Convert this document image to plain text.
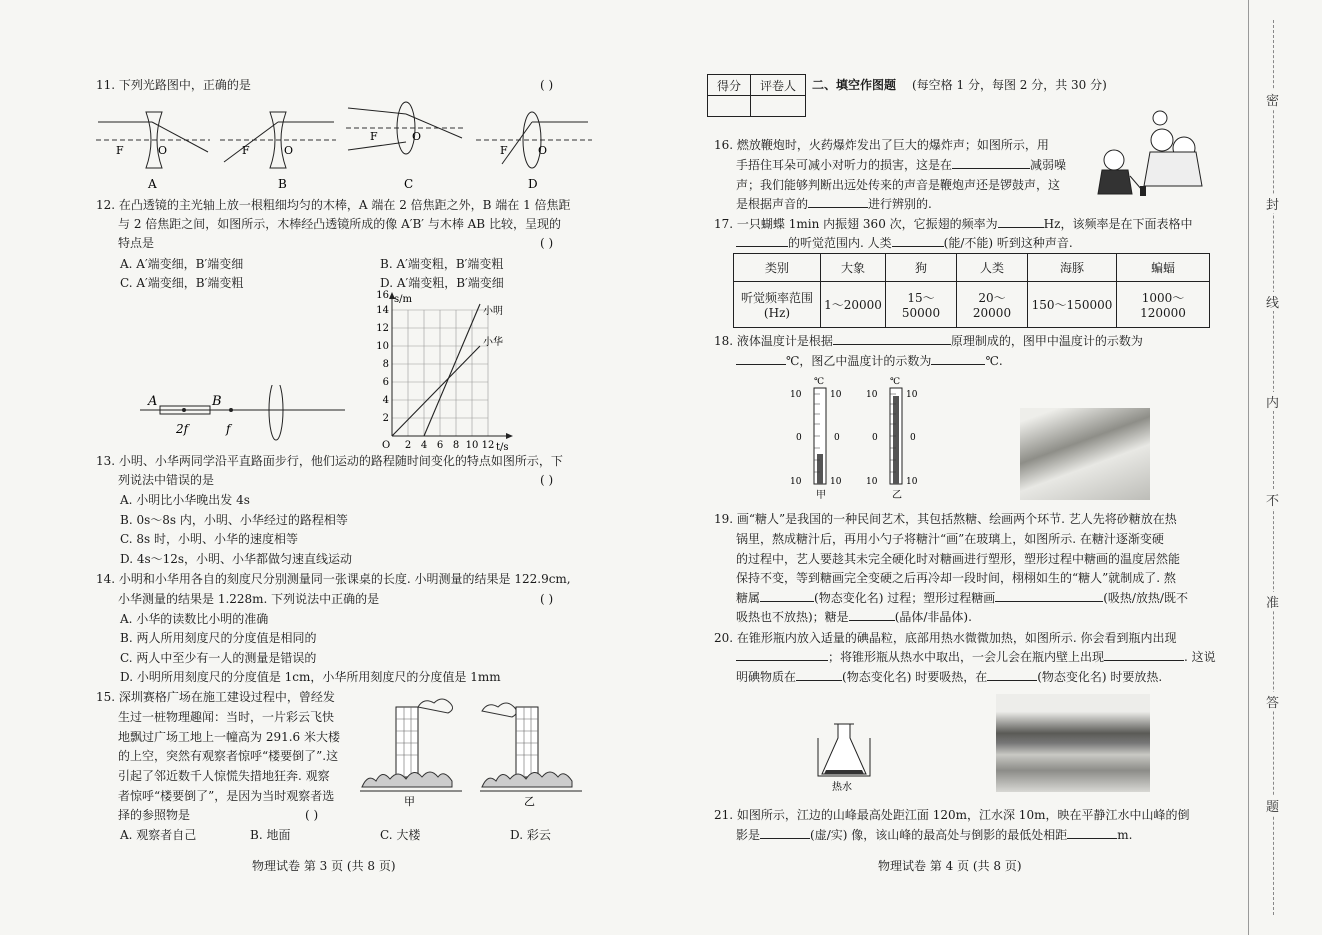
11. 下列光路图中，正确的是	( )
F	O
A
F	O
B
F	O
C
F	O
D
12. 在凸透镜的主光轴上放一根粗细均匀的木棒，A 端在 2 倍焦距之外，B 端在 1 倍焦距
与 2 倍焦距之间，如图所示，木棒经凸透镜所成的像 A′B′ 与木棒 AB 比较，呈现的
特点是	( )
A. A′端变细，B′端变细	B. A′端变粗，B′端变粗
C. A′端变细，B′端变粗	D. A′端变粗，B′端变细
A	B
2f	f
s/m
t/s
O
2
4
6
8
10
12
14
16
2 4 6 8 10 12
小明
小华
13. 小明、小华两同学沿平直路面步行，他们运动的路程随时间变化的特点如图所示，下
列说法中错误的是	( )
A. 小明比小华晚出发 4s
B. 0s～8s 内，小明、小华经过的路程相等
C. 8s 时，小明、小华的速度相等
D. 4s～12s，小明、小华都做匀速直线运动
14. 小明和小华用各自的刻度尺分别测量同一张课桌的长度. 小明测量的结果是 122.9cm,
小华测量的结果是 1.228m. 下列说法中正确的是	( )
A. 小华的读数比小明的准确
B. 两人所用刻度尺的分度值是相同的
C. 两人中至少有一人的测量是错误的
D. 小明所用刻度尺的分度值是 1cm，小华所用刻度尺的分度值是 1mm
15. 深圳赛格广场在施工建设过程中，曾经发
生过一桩物理趣闻：当时，一片彩云飞快
地飘过广场工地上一幢高为 291.6 米大楼
的上空，突然有观察者惊呼“楼要倒了”.这
引起了邻近数千人惊慌失措地狂奔. 观察
者惊呼“楼要倒了”，是因为当时观察者选
择的参照物是	( )
A. 观察者自己	B. 地面	C. 大楼	D. 彩云
甲	乙
物理试卷 第 3 页 (共 8 页)
得分	评卷人
	二、填空作图题 (每空格 1 分，每图 2 分，共 30 分)
16. 燃放鞭炮时，火药爆炸发出了巨大的爆炸声；如图所示，用
手捂住耳朵可减小对听力的损害，这是在	减弱噪
声；我们能够判断出远处传来的声音是鞭炮声还是锣鼓声，这
是根据声音的	进行辨别的.
17. 一只蝴蝶 1min 内振翅 360 次，它振翅的频率为	Hz，该频率是在下面表格中
的听觉范围内. 人类	(能/不能) 听到这种声音.
类别	大象	狗	人类	海豚	蝙蝠
听觉频率范围
(Hz)	1～20000	15～50000	20～20000	150～150000	1000～120000
18. 液体温度计是根据	原理制成的，图甲中温度计的示数为
℃，图乙中温度计的示数为	℃.
℃
10	10
0	0
10	10
甲
℃
10	10
0	0
10	10
乙
19. 画“糖人”是我国的一种民间艺术，其包括熬糖、绘画两个环节. 艺人先将砂糖放在热
锅里，熬成糖汁后，再用小勺子将糖汁“画”在玻璃上，如图所示. 在糖汁逐渐变硬
的过程中，艺人要趁其未完全硬化时对糖画进行塑形，塑形过程中糖画的温度居然能
保持不变，等到糖画完全变硬之后再冷却一段时间，栩栩如生的“糖人”就制成了. 熬
糖属	(物态变化名) 过程；塑形过程糖画	(吸热/放热/既不
吸热也不放热)；糖是	(晶体/非晶体).
20. 在锥形瓶内放入适量的碘晶粒，底部用热水微微加热，如图所示. 你会看到瓶内出现
；将锥形瓶从热水中取出，一会儿会在瓶内壁上出现	. 这说
明碘物质在	(物态变化名) 时要吸热，在	(物态变化名) 时要放热.
热水
21. 如图所示，江边的山峰最高处距江面 120m，江水深 10m，映在平静江水中山峰的倒
影是	(虚/实) 像，该山峰的最高处与倒影的最低处相距	m.
物理试卷 第 4 页 (共 8 页)
密
封
线
内
不
准
答
题
